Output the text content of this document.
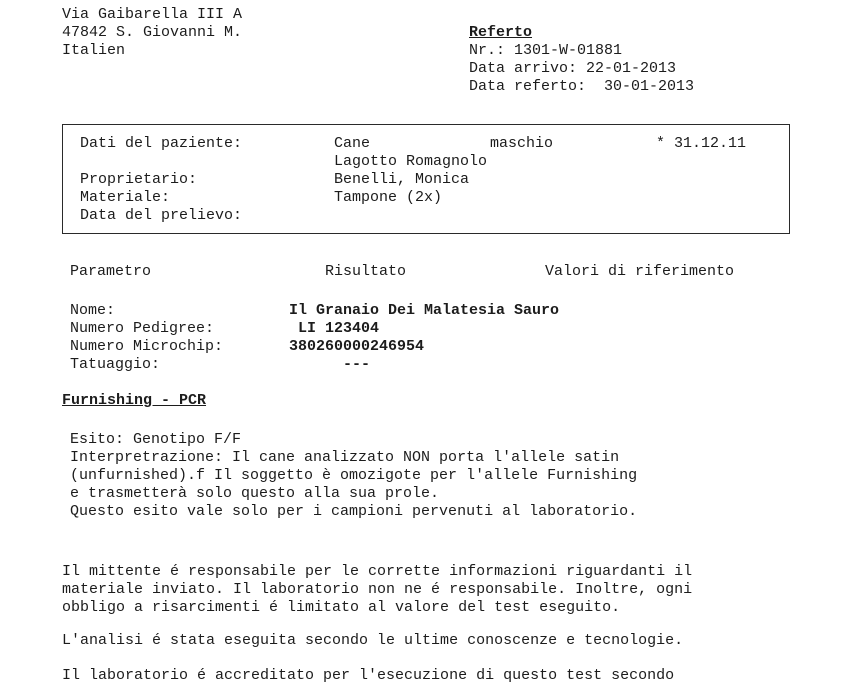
Via Gaibarella III A
47842 S. Giovanni M.
Italien
Referto
Nr.: 1301-W-01881
Data arrivo: 22-01-2013
Data referto:  30-01-2013
Dati del paziente:	Cane	maschio	* 31.12.11
Lagotto Romagnolo
Proprietario:	Benelli, Monica
Materiale:	Tampone (2x)
Data del prelievo:
Parametro	Risultato	Valori di riferimento
Nome:	Il Granaio Dei Malatesia Sauro
Numero Pedigree:	LI 123404
Numero Microchip:	380260000246954
Tatuaggio:	---
Furnishing - PCR
Esito: Genotipo F/F
Interpretrazione: Il cane analizzato NON porta l'allele satin
(unfurnished).f Il soggetto è omozigote per l'allele Furnishing
e trasmetterà solo questo alla sua prole.
Questo esito vale solo per i campioni pervenuti al laboratorio.
Il mittente é responsabile per le corrette informazioni riguardanti il
materiale inviato. Il laboratorio non ne é responsabile. Inoltre, ogni
obbligo a risarcimenti é limitato al valore del test eseguito.
L'analisi é stata eseguita secondo le ultime conoscenze e tecnologie.
Il laboratorio é accreditato per l'esecuzione di questo test secondo
